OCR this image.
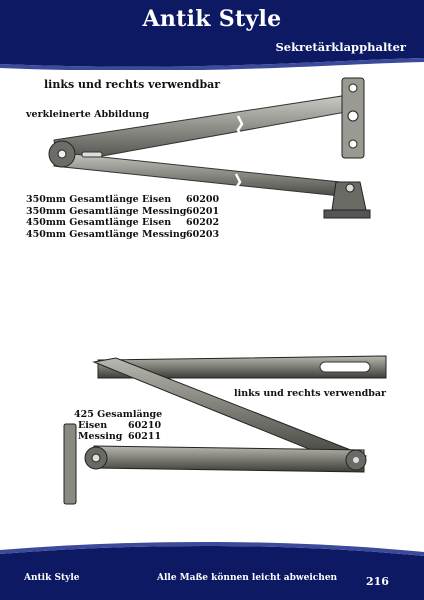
Antik Style
Sekretärklapphalter
links und rechts verwendbar
verkleinerte Abbildung
350mm Gesamtlänge Eisen	60200
350mm Gesamtlänge Messing 60201
450mm Gesamtlänge Eisen	60202
450mm Gesamtlänge Messing 60203
links und rechts verwendbar
425 Gesamlänge
Eisen	60210
Messing 60211
Antik Style	Alle Maße können leicht abweichen	216
